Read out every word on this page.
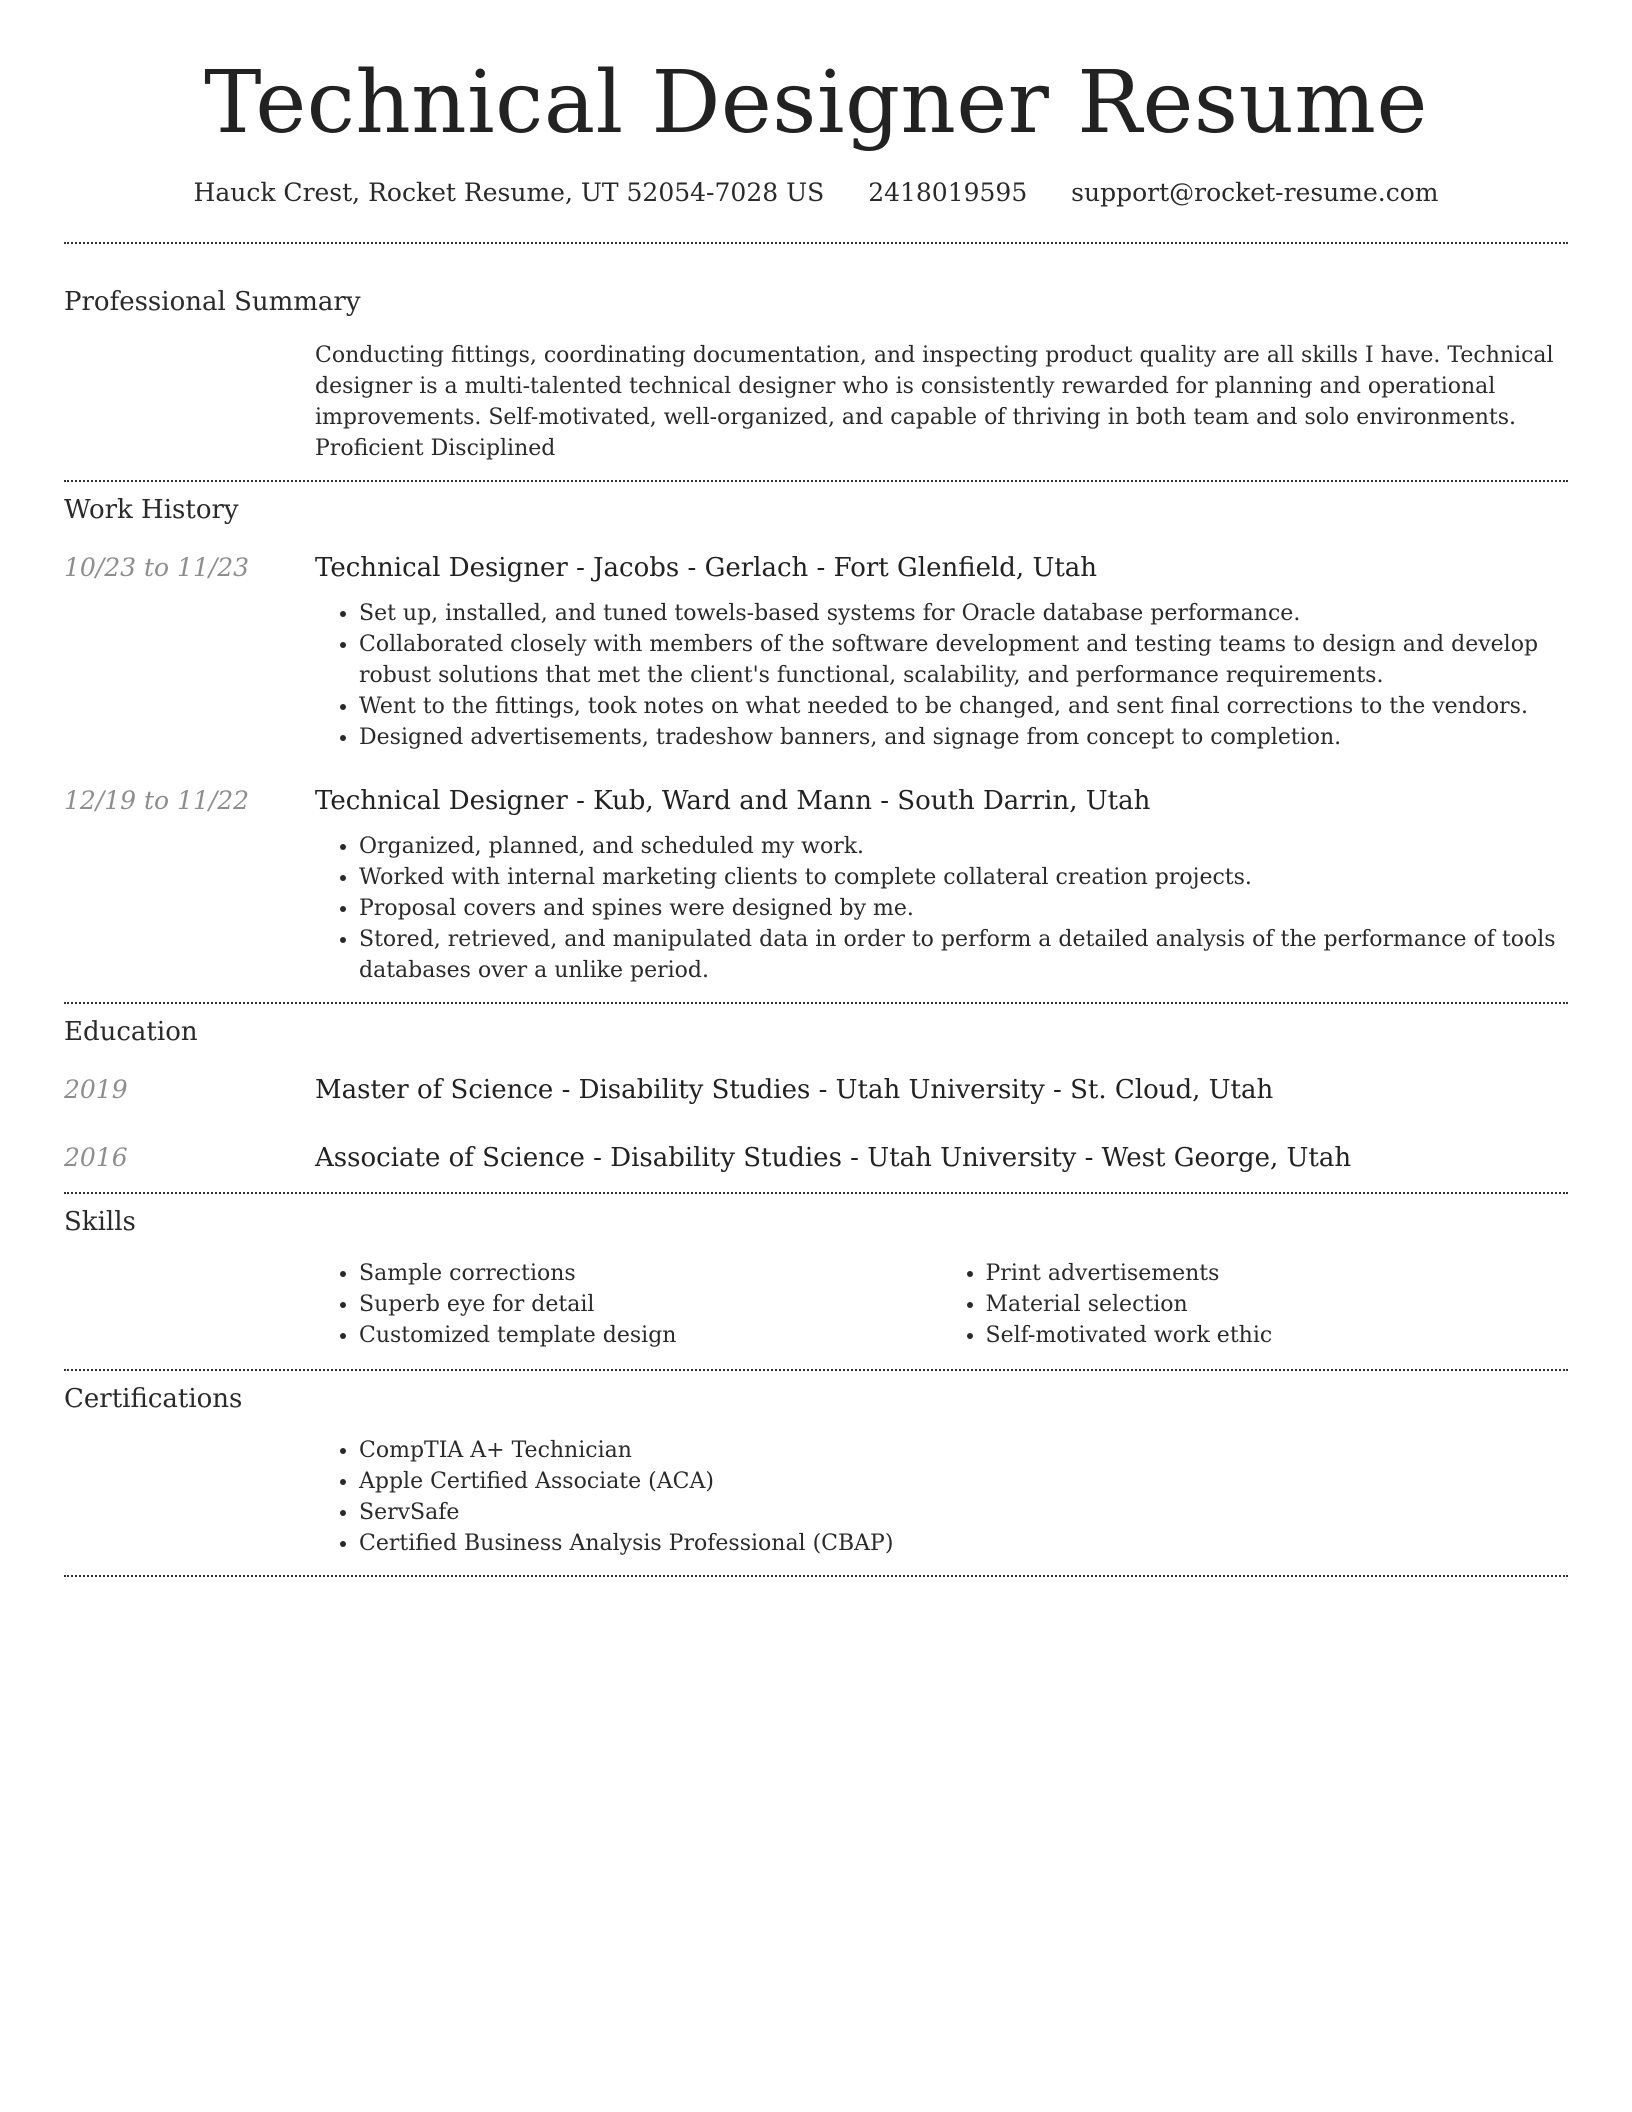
Technical Designer Resume
Hauck Crest, Rocket Resume, UT 52054-7028 US 2418019595 support@rocket-resume.com
Professional Summary

Conducting fittings, coordinating documentation, and inspecting product quality are all skills I have. Technical designer is a multi-talented technical designer who is consistently rewarded for planning and operational improvements. Self-motivated, well-organized, and capable of thriving in both team and solo environments. Proficient Disciplined

Work History
10/23 to 11/23	Technical Designer - Jacobs - Gerlach - Fort Glenfield, Utah
• Set up, installed, and tuned towels-based systems for Oracle database performance.
• Collaborated closely with members of the software development and testing teams to design and develop robust solutions that met the client's functional, scalability, and performance requirements.
• Went to the fittings, took notes on what needed to be changed, and sent final corrections to the vendors.
• Designed advertisements, tradeshow banners, and signage from concept to completion.
12/19 to 11/22	Technical Designer - Kub, Ward and Mann - South Darrin, Utah
• Organized, planned, and scheduled my work.
• Worked with internal marketing clients to complete collateral creation projects.
• Proposal covers and spines were designed by me.
• Stored, retrieved, and manipulated data in order to perform a detailed analysis of the performance of tools databases over a unlike period.
Education
2019	Master of Science - Disability Studies - Utah University - St. Cloud, Utah
2016	Associate of Science - Disability Studies - Utah University - West George, Utah
Skills
• Sample corrections
• Superb eye for detail
• Customized template design
• Print advertisements
• Material selection
• Self-motivated work ethic
Certifications
• CompTIA A+ Technician
• Apple Certified Associate (ACA)
• ServSafe
• Certified Business Analysis Professional (CBAP)
